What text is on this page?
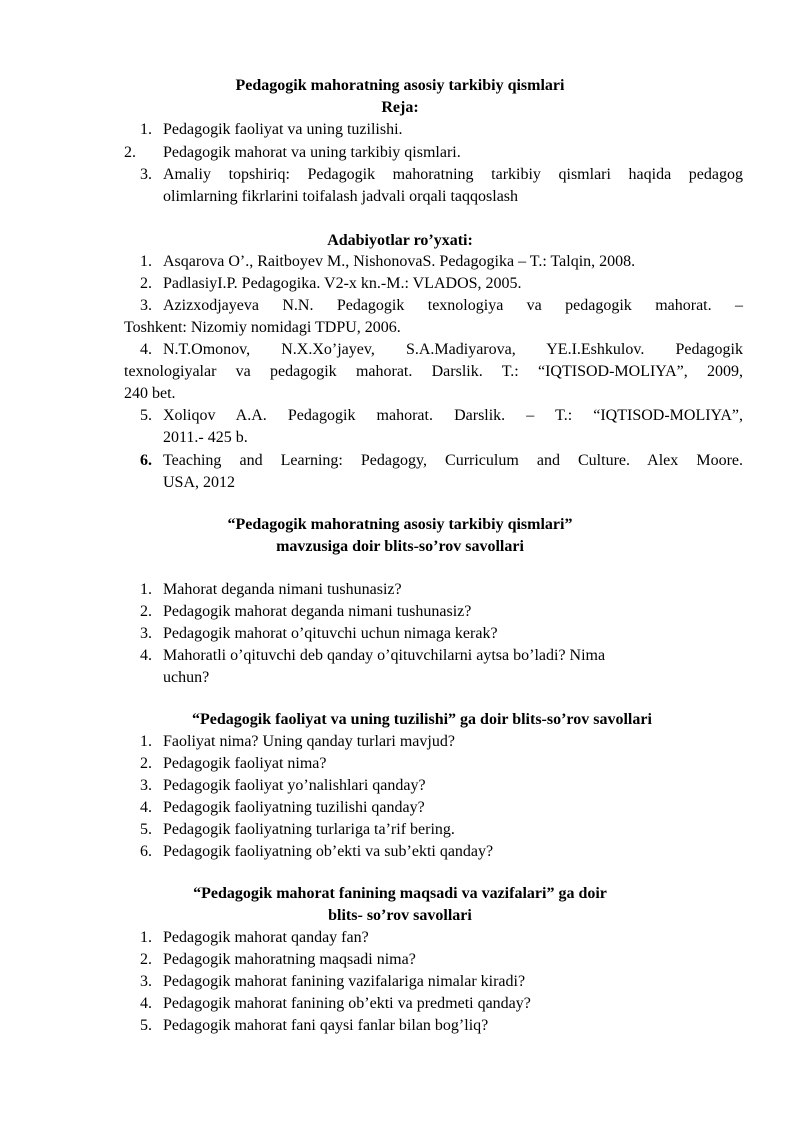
Pedagogik mahoratning asosiy tarkibiy qismlari
Reja:
1. Pedagogik faoliyat va uning tuzilishi.
2. Pedagogik mahorat va uning tarkibiy qismlari.
3. Amaliy topshiriq: Pedagogik mahoratning tarkibiy qismlari haqida pedagog
olimlarning fikrlarini toifalash jadvali orqali taqqoslash
Adabiyotlar ro’yxati:
1. Asqarova O’., Raitboyev M., NishonovaS. Pedagogika – T.: Talqin, 2008.
2. PadlasiyI.P. Pedagogika. V2-x kn.-M.: VLADOS, 2005.
3. Azizxodjayeva N.N. Pedagogik texnologiya va pedagogik mahorat. –
Toshkent: Nizomiy nomidagi TDPU, 2006.
4. N.T.Omonov, N.X.Xo’jayev, S.A.Madiyarova, YE.I.Eshkulov. Pedagogik
texnologiyalar va pedagogik mahorat. Darslik. T.: “IQTISOD-MOLIYA”, 2009,
240 bet.
5. Xoliqov A.A. Pedagogik mahorat. Darslik. – T.: “IQTISOD-MOLIYA”,
2011.- 425 b.
6. Teaching and Learning: Pedagogy, Curriculum and Culture. Alex Moore.
USA, 2012
“Pedagogik mahoratning asosiy tarkibiy qismlari”
mavzusiga doir blits-so’rov savollari
1. Mahorat deganda nimani tushunasiz?
2. Pedagogik mahorat deganda nimani tushunasiz?
3. Pedagogik mahorat o’qituvchi uchun nimaga kerak?
4. Mahoratli o’qituvchi deb qanday o’qituvchilarni aytsa bo’ladi? Nima
uchun?
“Pedagogik faoliyat va uning tuzilishi” ga doir blits-so’rov savollari
1. Faoliyat nima? Uning qanday turlari mavjud?
2. Pedagogik faoliyat nima?
3. Pedagogik faoliyat yo’nalishlari qanday?
4. Pedagogik faoliyatning tuzilishi qanday?
5. Pedagogik faoliyatning turlariga ta’rif bering.
6. Pedagogik faoliyatning ob’ekti va sub’ekti qanday?
“Pedagogik mahorat fanining maqsadi va vazifalari” ga doir
blits- so’rov savollari
1. Pedagogik mahorat qanday fan?
2. Pedagogik mahoratning maqsadi nima?
3. Pedagogik mahorat fanining vazifalariga nimalar kiradi?
4. Pedagogik mahorat fanining ob’ekti va predmeti qanday?
5. Pedagogik mahorat fani qaysi fanlar bilan bog’liq?
